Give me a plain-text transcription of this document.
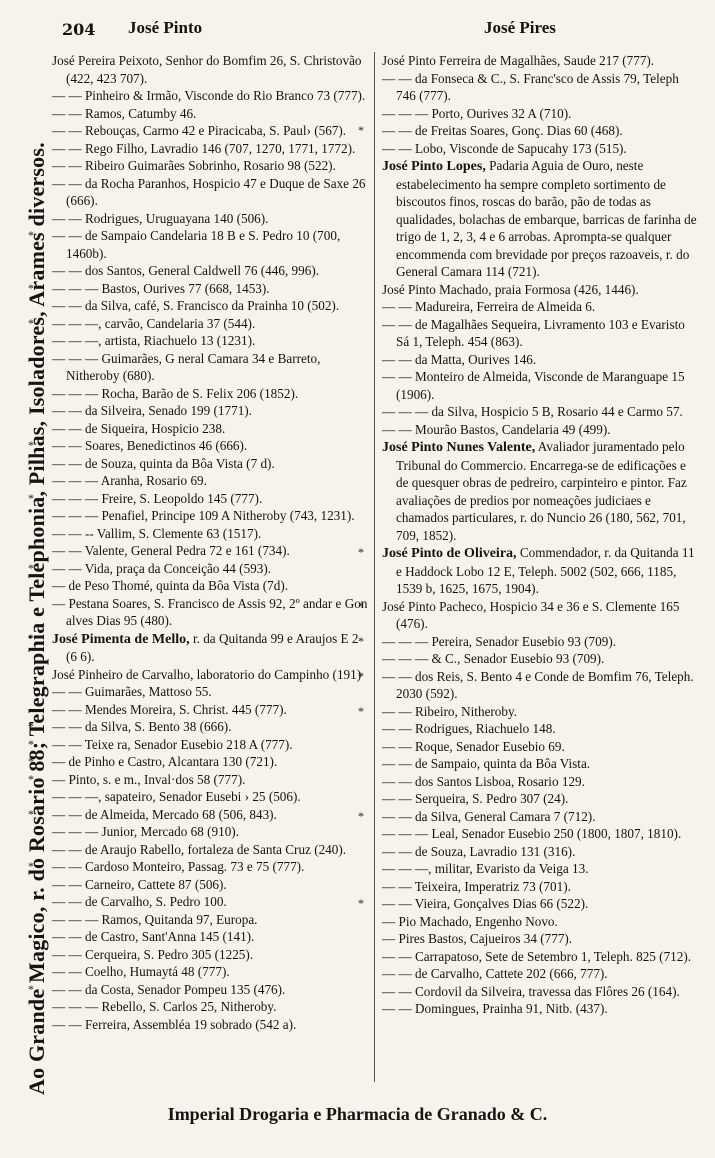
204 José Pinto	José Pires
Ao Grande Magico, r. do Rosario 88; Telegraphia e Telephonia, Pilhas, Isoladores, Arames diversos.

José Pereira Peixoto, Senhor do Bomfim 26, S. Christovão (422, 423 707).

— — Pinheiro & Irmão, Visconde do Rio Branco 73 (777).

— — Ramos, Catumby 46.

— — Rebouças, Carmo 42 e Piracicaba, S. Paul› (567).

— — Rego Filho, Lavradio 146 (707, 1270, 1771, 1772).

— — Ribeiro Guimarães Sobrinho, Rosario 98 (522).

— — da Rocha Paranhos, Hospicio 47 e Duque de Saxe 26 (666).

— — Rodrigues, Uruguayana 140 (506).

* — — de Sampaio Candelaria 18 B e S. Pedro 10 (700, 1460b).

— — dos Santos, General Caldwell 76 (446, 996).

* — — — Bastos, Ourives 77 (668, 1453).

— — da Silva, café, S. Francisco da Prainha 10 (502).

* — — —, carvão, Candelaria 37 (544).

— — —, artista, Riachuelo 13 (1231).

— — — Guimarães, G neral Camara 34 e Barreto, Nitheroby (680).

— — — Rocha, Barão de S. Felix 206 (1852).

— — da Silveira, Senado 199 (1771).

— — de Siqueira, Hospicio 238.

* — — Soares, Benedictinos 46 (666).

— — de Souza, quinta da Bôa Vista (7 d).

— — — Aranha, Rosario 69.

* — — — Freire, S. Leopoldo 145 (777).

— — — Penafiel, Principe 109 A Nitheroby (743, 1231).

— — -- Vallim, S. Clemente 63 (1517).

— — Valente, General Pedra 72 e 161 (734).

* — — Vida, praça da Conceição 44 (593).

— de Peso Thomé, quinta da Bôa Vista (7d).

— Pestana Soares, S. Francisco de Assis 92, 2º andar e Gon alves Dias 95 (480).

* José Pimenta de Mello, r. da Quitanda 99 e Araujos E 2 (6 6).

José Pinheiro de Carvalho, laboratorio do Campinho (191)

— — Guimarães, Mattoso 55.

— — Mendes Moreira, S. Christ. 445 (777).

* — — da Silva, S. Bento 38 (666).

* — — Teixe ra, Senador Eusebio 218 A (777).

* — de Pinho e Castro, Alcantara 130 (721).

* — Pinto, s. e m., Inval·dos 58 (777).

— — —, sapateiro, Senador Eusebi › 25 (506).

* — — de Almeida, Mercado 68 (506, 843).

— — — Junior, Mercado 68 (910).

— — de Araujo Rabello, fortaleza de Santa Cruz (240).

* — — Cardoso Monteiro, Passag. 73 e 75 (777).

— — Carneiro, Cattete 87 (506).

— — de Carvalho, S. Pedro 100.

— — — Ramos, Quitanda 97, Europa.

— — de Castro, Sant'Anna 145 (141).

— — Cerqueira, S. Pedro 305 (1225).

— — Coelho, Humaytá 48 (777).

* — — da Costa, Senador Pompeu 135 (476).

— — — Rebello, S. Carlos 25, Nitheroby.

— — Ferreira, Assembléa 19 sobrado (542 a).

José Pinto Ferreira de Magalhães, Saude 217 (777).

— — da Fonseca & C., S. Franc'sco de Assis 79, Teleph 746 (777).

— — — Porto, Ourives 32 A (710).

* — — de Freitas Soares, Gonç. Dias 60 (468).

— — Lobo, Visconde de Sapucahy 173 (515).

José Pinto Lopes, Padaria Aguia de Ouro, neste estabelecimento ha sempre completo sortimento de biscoutos finos, roscas do barão, pão de todas as qualidades, bolachas de embarque, barricas de farinha de trigo de 1, 2, 3, 4 e 6 arrobas. Apromptа-se qualquer encommenda com brevidade por preços razoaveis, r. do General Camara 114 (721).

José Pinto Machado, praia Formosa (426, 1446).

— — Madureira, Ferreira de Almeida 6.

— — de Magalhães Sequeira, Livramento 103 e Evaristo Sá 1, Teleph. 454 (863).

— — da Matta, Ourives 146.

— — Monteiro de Almeida, Visconde de Maranguape 15 (1906).

— — — da Silva, Hospicio 5 B, Rosario 44 e Carmo 57.

— — Mourão Bastos, Candelaria 49 (499).

José Pinto Nunes Valente, Avaliador juramentado pelo Tribunal do Commercio. Encarrega-se de edificações e de quesquer obras de pedreiro, carpinteiro e pintor. Faz avaliações de predios por nomeações judiciaes e chamados particulares, r. do Nuncio 26 (180, 562, 701, 709, 1852).

* José Pinto de Oliveira, Commendador, r. da Quitanda 11 e Haddock Lobo 12 E, Teleph. 5002 (502, 666, 1185, 1539 b, 1625, 1675, 1904).

* José Pinto Pacheco, Hospicio 34 e 36 e S. Clemente 165 (476).

* — — — Pereira, Senador Eusebio 93 (709).

— — — & C., Senador Eusebio 93 (709).

* — — dos Reis, S. Bento 4 e Conde de Bomfim 76, Teleph. 2030 (592).

* — — Ribeiro, Nitheroby.

— — Rodrigues, Riachuelo 148.

— — Roque, Senador Eusebio 69.

— — de Sampaio, quinta da Bôa Vista.

— — dos Santos Lisboa, Rosario 129.

— — Serqueira, S. Pedro 307 (24).

* — — da Silva, General Camara 7 (712).

— — — Leal, Senador Eusebio 250 (1800, 1807, 1810).

— — de Souza, Lavradio 131 (316).

— — —, militar, Evaristo da Veiga 13.

— — Teixeira, Imperatriz 73 (701).

* — — Vieira, Gonçalves Dias 66 (522).

— Pio Machado, Engenho Novo.

— Pires Bastos, Cajueiros 34 (777).

— — Carrapatoso, Sete de Setembro 1, Teleph. 825 (712).

— — de Carvalho, Cattete 202 (666, 777).

— — Cordovil da Silveira, travessa das Flôres 26 (164).

— — Domingues, Prainha 91, Nitb. (437).

Imperial Drogaria e Pharmacia de Granado & C.
